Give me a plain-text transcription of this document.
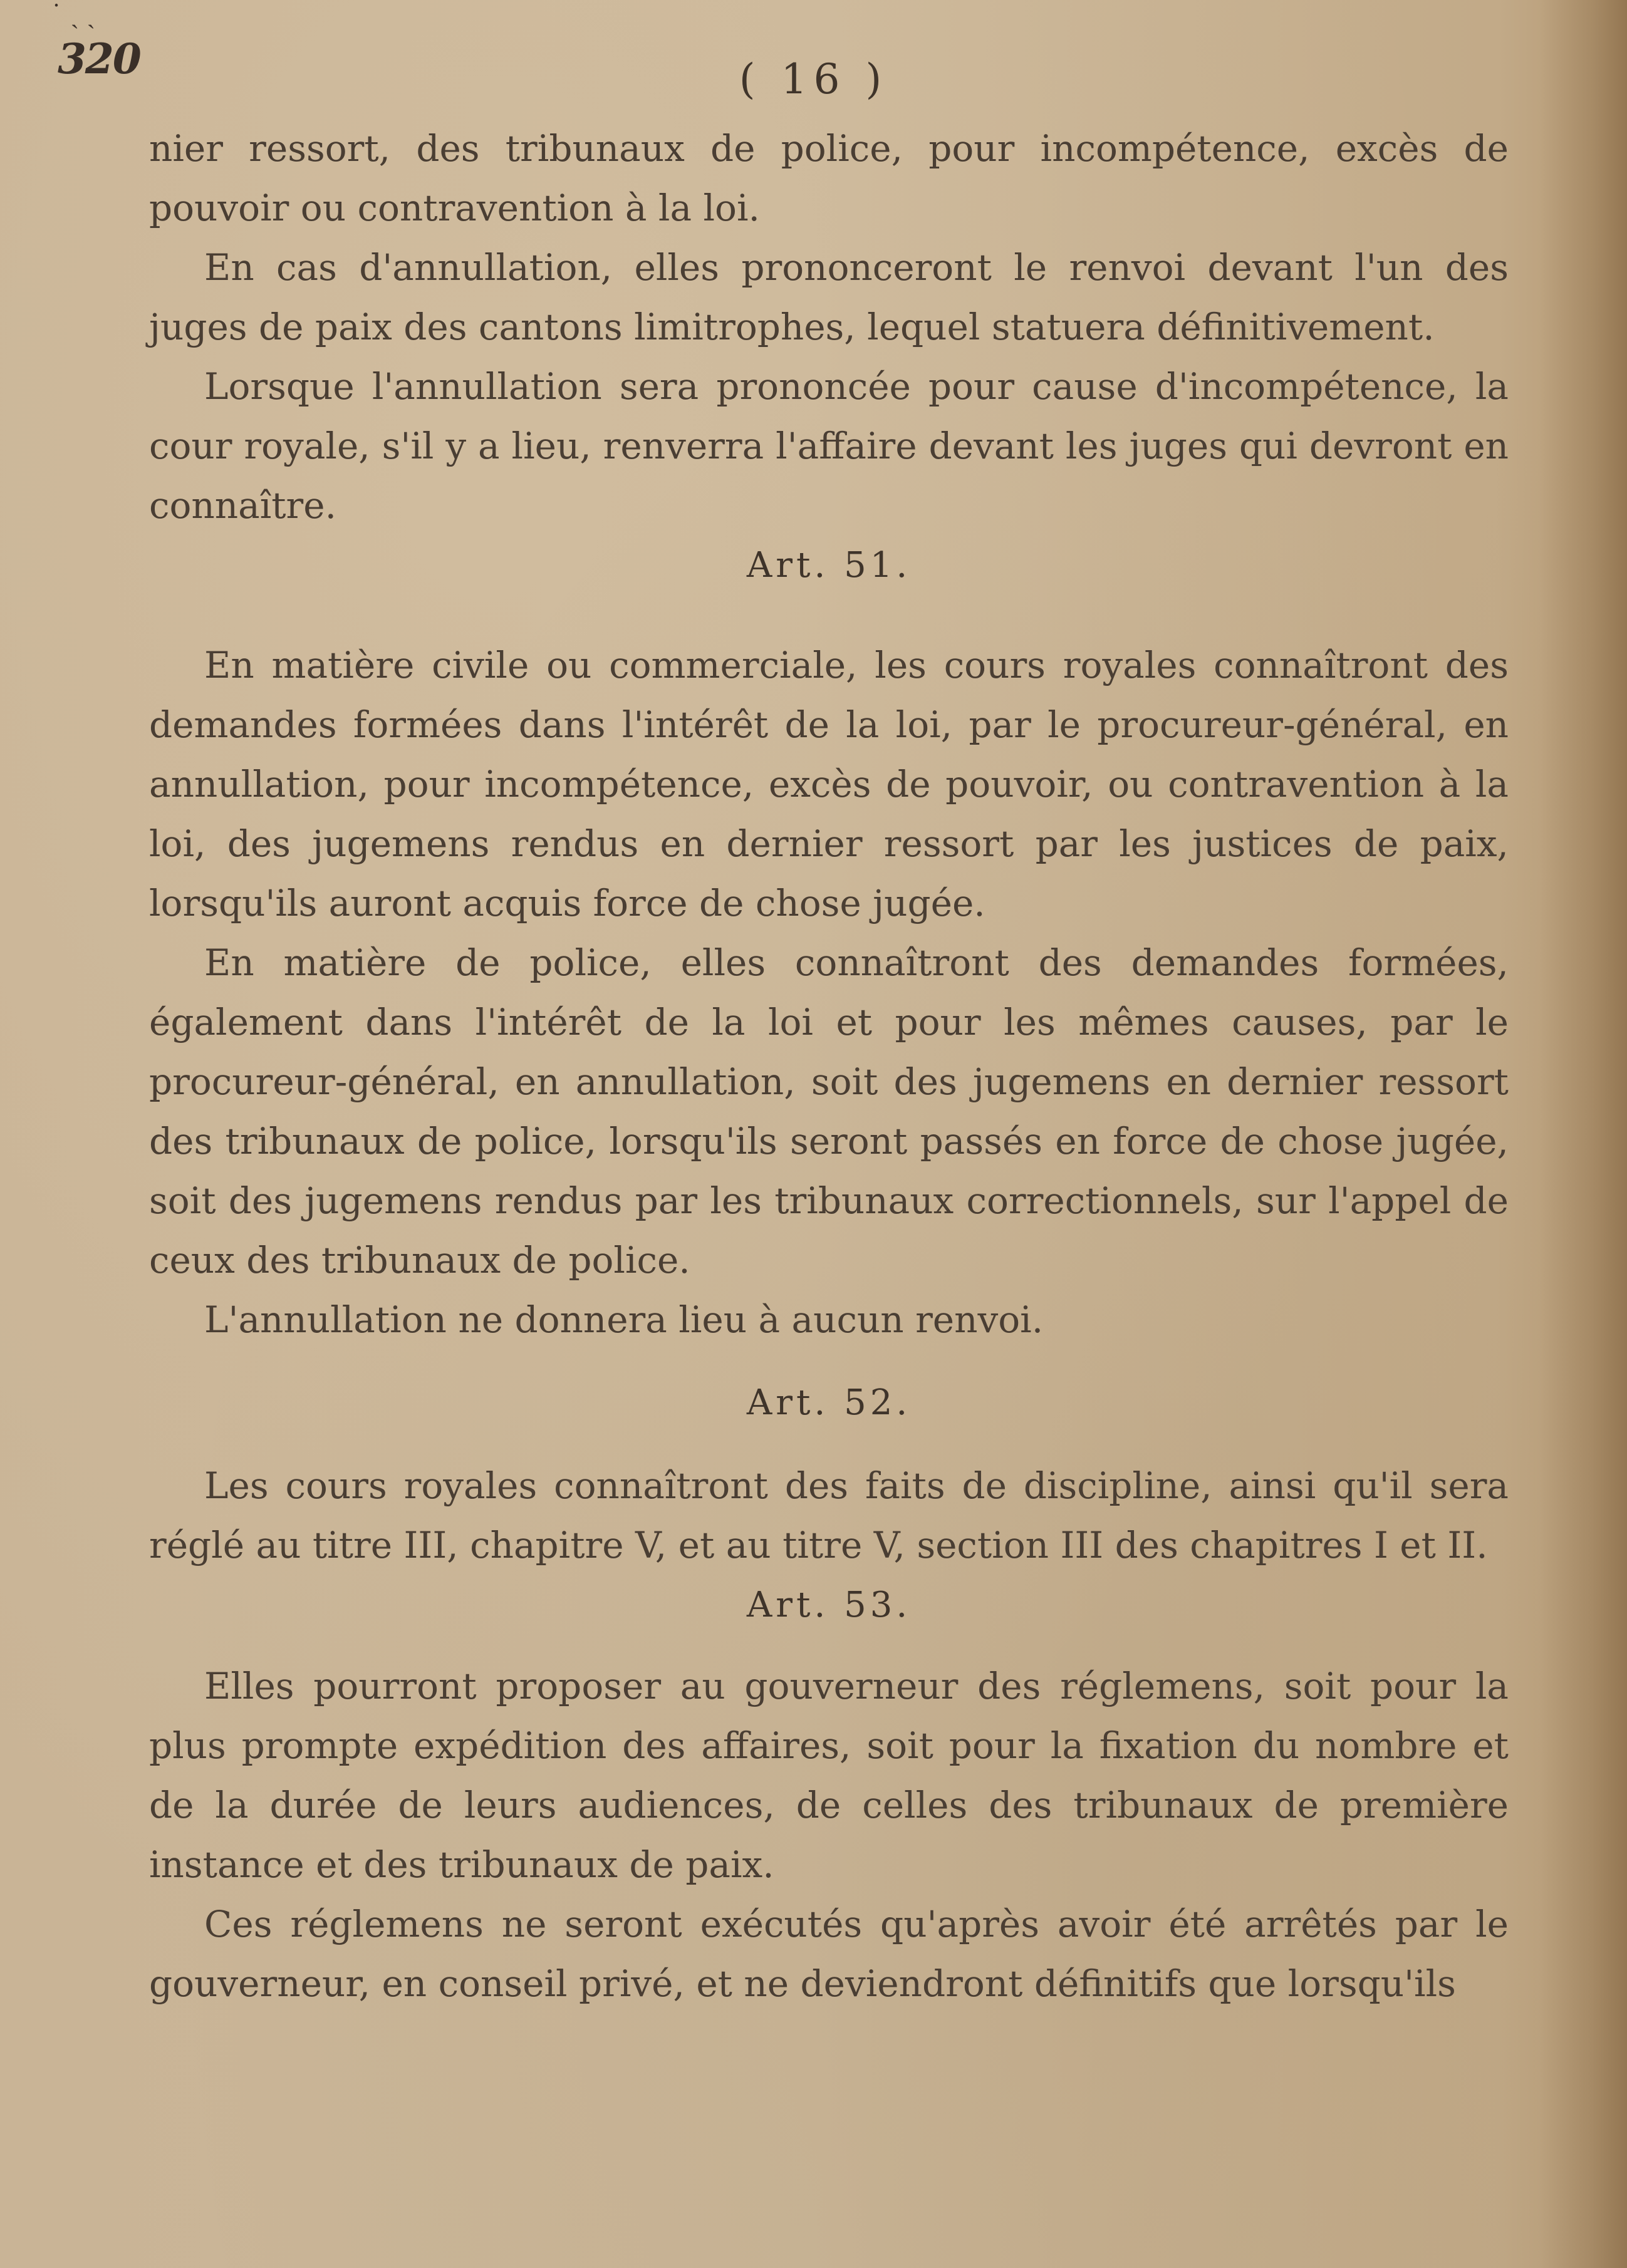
˙ ˏ ˎ
320	( 16 )

nier ressort, des tribunaux de police, pour incompétence, excès de pouvoir ou contravention à la loi.

En cas d'annullation, elles prononceront le renvoi devant l'un des juges de paix des cantons limitrophes, lequel statuera définitivement.

Lorsque l'annullation sera prononcée pour cause d'incompétence, la cour royale, s'il y a lieu, renverra l'affaire devant les juges qui devront en connaître.

Art. 51.

En matière civile ou commerciale, les cours royales connaîtront des demandes formées dans l'intérêt de la loi, par le procureur-général, en annullation, pour incompétence, excès de pouvoir, ou contravention à la loi, des jugemens rendus en dernier ressort par les justices de paix, lorsqu'ils auront acquis force de chose jugée.

En matière de police, elles connaîtront des demandes formées, également dans l'intérêt de la loi et pour les mêmes causes, par le procureur-général, en annullation, soit des jugemens en dernier ressort des tribunaux de police, lorsqu'ils seront passés en force de chose jugée, soit des jugemens rendus par les tribunaux correctionnels, sur l'appel de ceux des tribunaux de police.

L'annullation ne donnera lieu à aucun renvoi.

Art. 52.

Les cours royales connaîtront des faits de discipline, ainsi qu'il sera réglé au titre III, chapitre V, et au titre V, section III des chapitres I et II.

Art. 53.

Elles pourront proposer au gouverneur des réglemens, soit pour la plus prompte expédition des affaires, soit pour la fixation du nombre et de la durée de leurs audiences, de celles des tribunaux de première instance et des tribunaux de paix.

Ces réglemens ne seront exécutés qu'après avoir été arrêtés par le gouverneur, en conseil privé, et ne deviendront définitifs que lorsqu'ils
